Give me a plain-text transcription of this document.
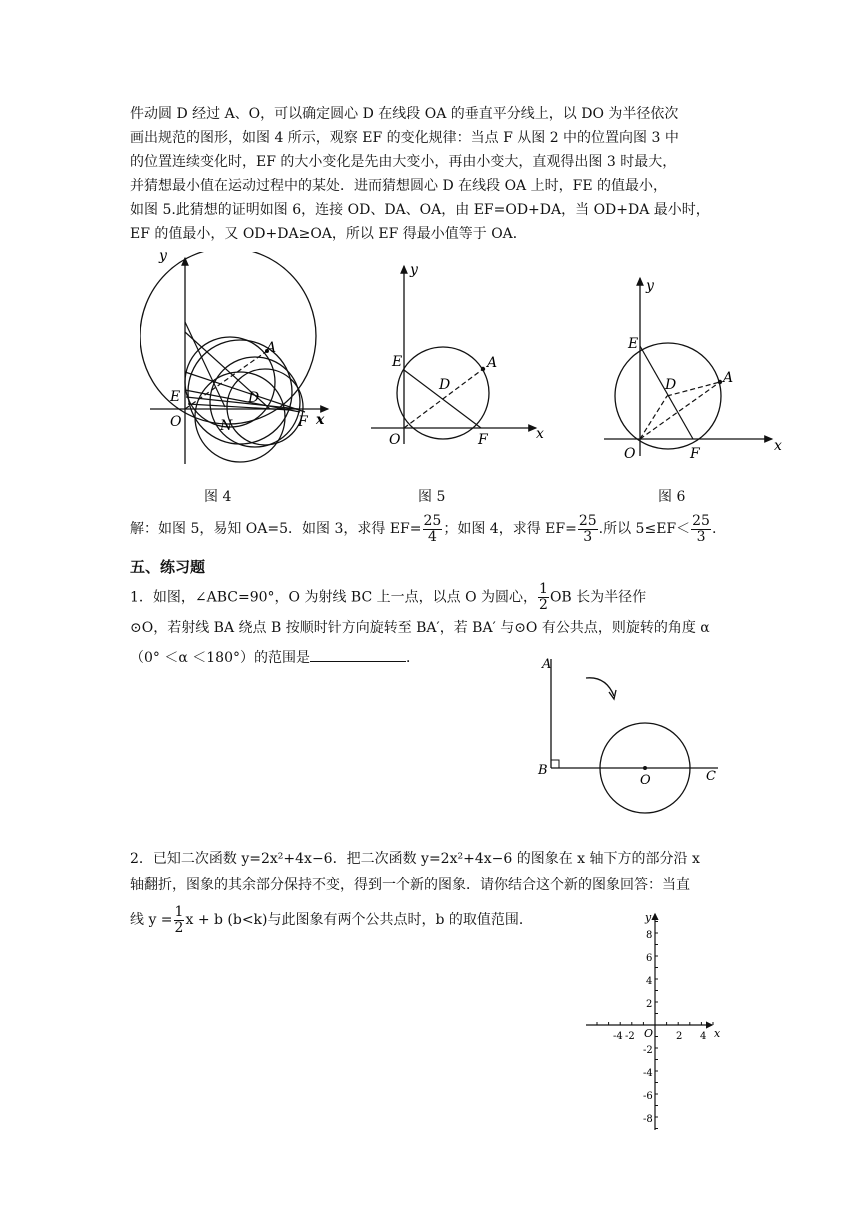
件动圆 D 经过 A、O，可以确定圆心 D 在线段 OA 的垂直平分线上，以 DO 为半径依次
画出规范的图形，如图 4 所示，观察 EF 的变化规律：当点 F 从图 2 中的位置向图 3 中
的位置连续变化时，EF 的大小变化是先由大变小，再由小变大，直观得出图 3 时最大，
并猜想最小值在运动过程中的某处．进而猜想圆心 D 在线段 OA 上时，FE 的值最小，
如图 5.此猜想的证明如图 6，连接 OD、DA、OA，由 EF=OD+DA，当 OD+DA 最小时，
EF 的值最小，又 OD+DA≥OA，所以 EF 得最小值等于 OA．
y
x
A
E	D
O	N	F
y
x
A
E
D
O	F
y
x
A
E
D
O	F
图 4	图 5	图 6
解：如图 5，易知 OA=5．如图 3，求得 $EF= \frac{25}{4}$ ；如图 4，求得 $EF= \frac{25}{3}$ .所以 $5\le EF< \frac{25}{3}$ .
五、练习题
1．如图，∠ABC=90°，O 为射线 BC 上一点，以点 O 为圆心， $\frac{1}{2}$ OB 长为半径作
⊙O，若射线 BA 绕点 B 按顺时针方向旋转至 BA′，若 BA′ 与⊙O 有公共点，则旋转的角度 α
（0° ＜α ＜180°）的范围是	．	A
B
O	C
2．已知二次函数 y=2x²+4x−6．把二次函数 y=2x²+4x−6 的图象在 x 轴下方的部分沿 x
轴翻折，图象的其余部分保持不变，得到一个新的图象．请你结合这个新的图象回答：当直
线 $y = \frac{1}{2}$ x + b (b<k)与此图象有两个公共点时，b 的取值范围．
-4 -2	2 4
O	x
y
8
6
4
2
-2
-4
-6
-8
